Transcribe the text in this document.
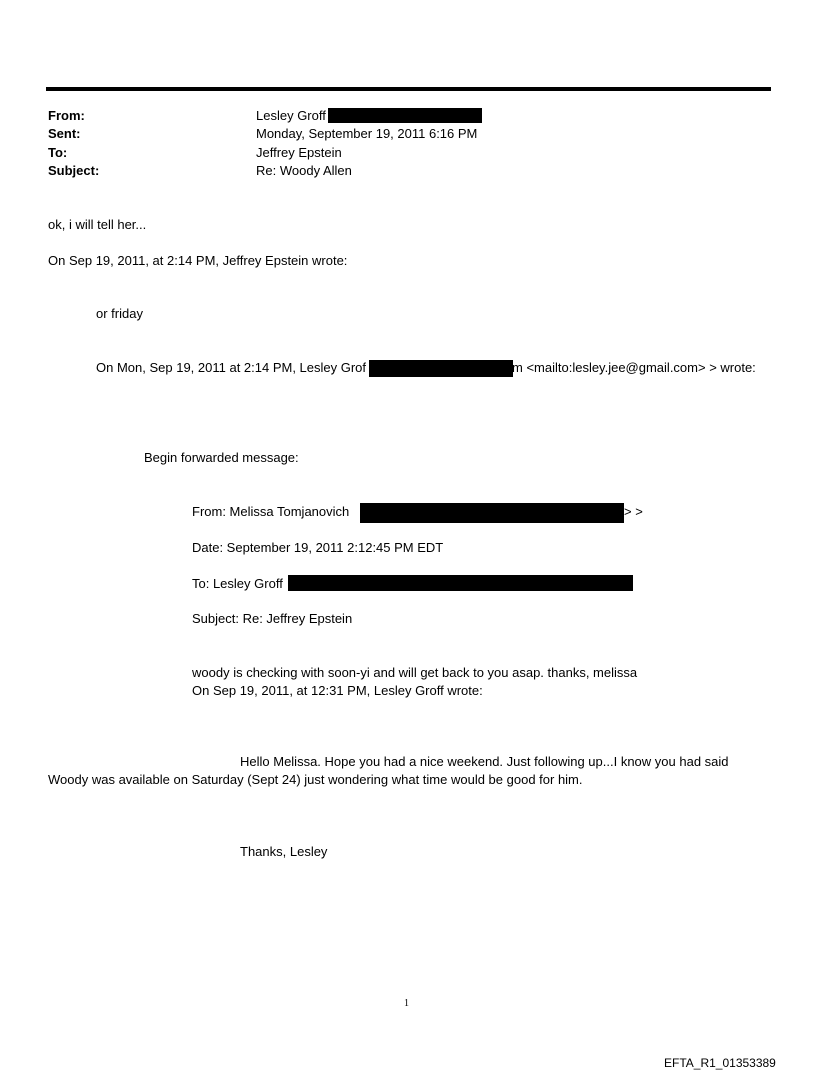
From:	Lesley Groff
Sent:	Monday, September 19, 2011 6:16 PM
To:	Jeffrey Epstein
Subject:	Re: Woody Allen
ok, i will tell her...
On Sep 19, 2011, at 2:14 PM, Jeffrey Epstein wrote:
or friday
On Mon, Sep 19, 2011 at 2:14 PM, Lesley Grof	m <mailto:lesley.jee@gmail.com> > wrote:
Begin forwarded message:
From: Melissa Tomjanovich	> >
Date: September 19, 2011 2:12:45 PM EDT
To: Lesley Groff
Subject: Re: Jeffrey Epstein
woody is checking with soon-yi and will get back to you asap. thanks, melissa
On Sep 19, 2011, at 12:31 PM, Lesley Groff wrote:
Hello Melissa. Hope you had a nice weekend. Just following up...I know you had said
Woody was available on Saturday (Sept 24) just wondering what time would be good for him.
Thanks, Lesley
1
EFTA_R1_01353389
